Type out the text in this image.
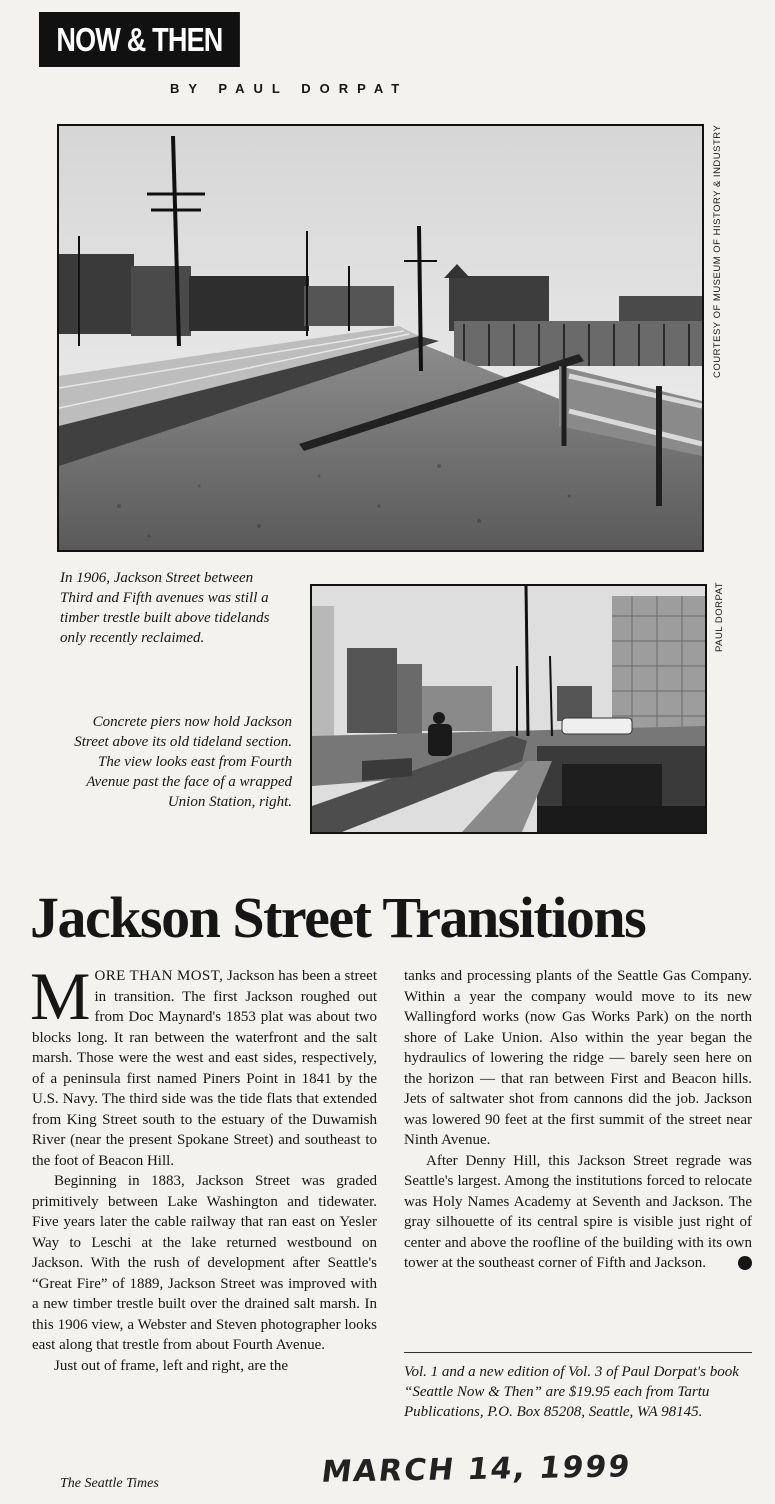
NOW & THEN
BY PAUL DORPAT
COURTESY OF MUSEUM OF HISTORY & INDUSTRY

In 1906, Jackson Street between Third and Fifth avenues was still a timber trestle built above tidelands only recently reclaimed.	PAUL DORPAT

Concrete piers now hold Jackson Street above its old tideland section. The view looks east from Fourth Avenue past the face of a wrapped Union Station, right.

Jackson Street Transitions

MORE THAN MOST, Jackson has been a street in transition. The first Jackson roughed out from Doc Maynard's 1853 plat was about two blocks long. It ran between the waterfront and the salt marsh. Those were the west and east sides, respectively, of a peninsula first named Piners Point in 1841 by the U.S. Navy. The third side was the tide flats that extended from King Street south to the estuary of the Duwamish River (near the present Spokane Street) and southeast to the foot of Beacon Hill.

Beginning in 1883, Jackson Street was graded primitively between Lake Washington and tidewater. Five years later the cable railway that ran east on Yesler Way to Leschi at the lake returned westbound on Jackson. With the rush of development after Seattle's “Great Fire” of 1889, Jackson Street was improved with a new timber trestle built over the drained salt marsh. In this 1906 view, a Webster and Steven photographer looks east along that trestle from about Fourth Avenue.

Just out of frame, left and right, are the

tanks and processing plants of the Seattle Gas Company. Within a year the company would move to its new Wallingford works (now Gas Works Park) on the north shore of Lake Union. Also within the year began the hydraulics of lowering the ridge — barely seen here on the horizon — that ran between First and Beacon hills. Jets of saltwater shot from cannons did the job. Jackson was lowered 90 feet at the first summit of the street near Ninth Avenue.

After Denny Hill, this Jackson Street regrade was Seattle's largest. Among the institutions forced to relocate was Holy Names Academy at Seventh and Jackson. The gray silhouette of its central spire is visible just right of center and above the roofline of the building with its own tower at the southeast corner of Fifth and Jackson.	P

Vol. 1 and a new edition of Vol. 3 of Paul Dorpat's book “Seattle Now & Then” are $19.95 each from Tartu Publications, P.O. Box 85208, Seattle, WA 98145.

The Seattle Times	MARCH 14, 1999
